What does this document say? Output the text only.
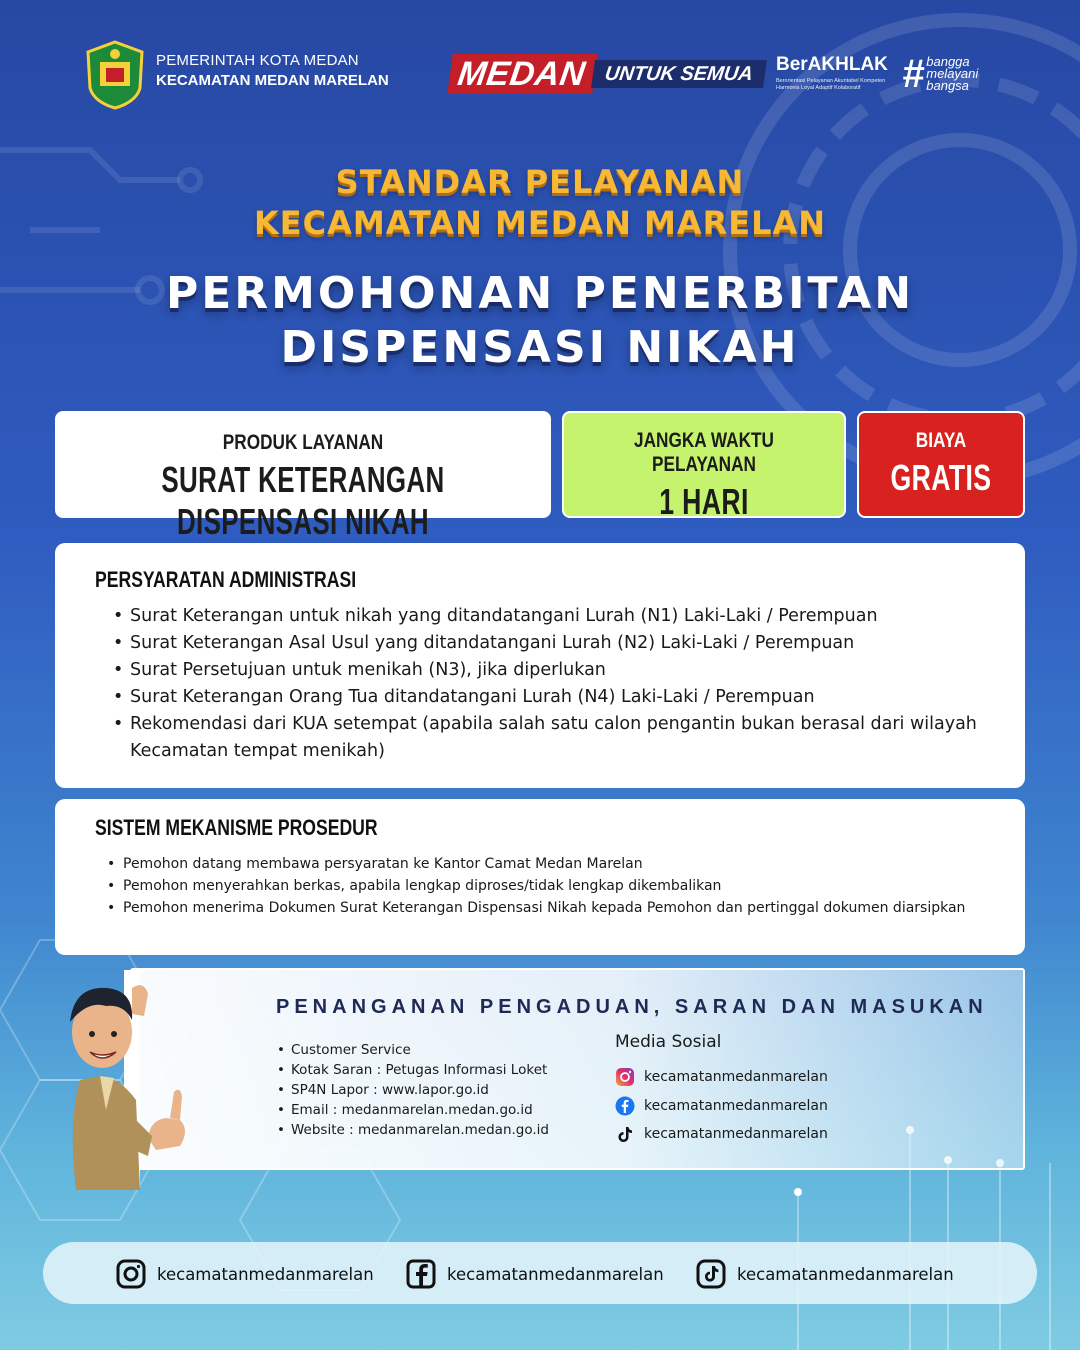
PEMERINTAH KOTA MEDAN
KECAMATAN MEDAN MARELAN MEDAN UNTUK SEMUA	BerAKHLAK
Berorientasi Pelayanan Akuntabel Kompeten Harmonis Loyal Adaptif Kolaboratif	# bangga
melayani
bangsa
STANDAR PELAYANAN
KECAMATAN MEDAN MARELAN
PERMOHONAN PENERBITAN
DISPENSASI NIKAH
PRODUK LAYANAN
SURAT KETERANGAN DISPENSASI NIKAH
JANGKA WAKTU PELAYANAN
1 HARI
BIAYA
GRATIS
PERSYARATAN ADMINISTRASI
• Surat Keterangan untuk nikah yang ditandatangani Lurah (N1) Laki-Laki / Perempuan
• Surat Keterangan Asal Usul yang ditandatangani Lurah (N2) Laki-Laki / Perempuan
• Surat Persetujuan untuk menikah (N3), jika diperlukan
• Surat Keterangan Orang Tua ditandatangani Lurah (N4) Laki-Laki / Perempuan
• Rekomendasi dari KUA setempat (apabila salah satu calon pengantin bukan berasal dari wilayah Kecamatan tempat menikah)
SISTEM MEKANISME PROSEDUR
• Pemohon datang membawa persyaratan ke Kantor Camat Medan Marelan
• Pemohon menyerahkan berkas, apabila lengkap diproses/tidak lengkap dikembalikan
• Pemohon menerima Dokumen Surat Keterangan Dispensasi Nikah kepada Pemohon dan pertinggal dokumen diarsipkan
PENANGANAN PENGADUAN, SARAN DAN MASUKAN
• Customer Service
• Kotak Saran : Petugas Informasi Loket
• SP4N Lapor : www.lapor.go.id
• Email : medanmarelan.medan.go.id
• Website : medanmarelan.medan.go.id
Media Sosial
kecamatanmedanmarelan
kecamatanmedanmarelan
kecamatanmedanmarelan
kecamatanmedanmarelan	kecamatanmedanmarelan	kecamatanmedanmarelan
